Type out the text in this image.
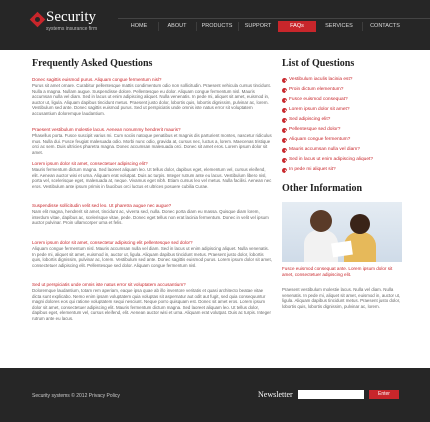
Security
systems insurance firm	HOME	ABOUT	PRODUCTS	SUPPORT	FAQs	SERVICES	CONTACTS
Frequently Asked Questions
Donec sagittis euismod purus. Aliquam congue fermentum nisl?
Purus sit amet ornare. Curabitur pellentesque mattis condimentum odio non sollicitudin. Praesent vehicula cursus tincidunt. Nulla a magna. Nullam augue. Suspendisse dolore. Pellentesque eu dolor. Aliquam congue fermentum nisl. Mauris accumsan nulla vel diam. Sed in lacus ut enim adipiscing aliquet. Nulla venenatis. In pede mi, aliquet sit amet, euismod in, auctor ut, ligula. Aliquam dapibus tincidunt metus. Praesent justo dolor, lobortis quis, lobortis dignissim, pulvinar ac, lorem. Vestibulum sed ante. Donec sagittis euismod purus. Sed ut perspiciatis unde omnis iste natus error sit voluptatem accusantium doloremque laudantium.
Praesent vestibulum molestie lacus. Aenean nonummy hendrerit mauris?
Phasellus porta. Fusce suscipit varius mi. Cum sociis natoque penatibus et magnis dis parturient montes, nascetur ridiculus mus. Nulla dui. Fusce feugiat malesuada odio. Morbi nunc odio, gravida at, cursus nec, luctus a, lorem. Maecenas tristique orci ac sem. Duis ultricies pharetra magna. Donec accumsan malesuada orci. Donec sit amet eros. Lorem ipsum dolor sit amet.
Lorem ipsum dolor sit amet, consectetuer adipiscing elit?
Mauris fermentum dictum magna. Sed laoreet aliquam leo. Ut tellus dolor, dapibus eget, elementum vel, cursus eleifend, elit. Aenean auctor wisi et urna. Aliquam erat volutpat. Duis ac turpis. Integer rutrum ante eu lacus. Vestibulum libero nisl, porta vel, scelerisque eget, malesuada at, neque. Vivamus eget nibh. Etiam cursus leo vel metus. Nulla facilisi. Aenean nec eros. Vestibulum ante ipsum primis in faucibus orci luctus et ultrices posuere cubilia Curae.
Suspendisse sollicitudin velit sed leo. Ut pharetra augue nec augue?
Nam elit magna, hendrerit sit amet, tincidunt ac, viverra sed, nulla. Donec porta diam eu massa. Quisque diam lorem, interdum vitae, dapibus ac, scelerisque vitae, pede. Donec eget tellus non erat lacinia fermentum. Donec in velit vel ipsum auctor pulvinar. Proin ullamcorper urna et felis.
Lorem ipsum dolor sit amet, consectetur adipiscing elit pellentesque sed dolor?
Aliquam congue fermentum nisl. Mauris accumsan nulla vel diam. Sed in lacus ut enim adipiscing aliquet. Nulla venenatis. In pede mi, aliquet sit amet, euismod in, auctor ut, ligula. Aliquam dapibus tincidunt metus. Praesent justo dolor, lobortis quis, lobortis dignissim, pulvinar ac, lorem. Vestibulum sed ante. Donec sagittis euismod purus. Lorem ipsum dolor sit amet, consectetuer adipiscing elit. Pellentesque sed dolor. Aliquam congue fermentum nisl.
Sed ut perspiciatis unde omnis iste natus error sit voluptatem accusantium?
Doloremque laudantium, totam rem aperiam, eaque ipsa quae ab illo inventore veritatis et quasi architecto beatae vitae dicta sunt explicabo. Nemo enim ipsam voluptatem quia voluptas sit aspernatur aut odit aut fugit, sed quia consequuntur magni dolores eos qui ratione voluptatem sequi nesciunt. Neque porro quisquam est. Donec sit amet eros. Lorem ipsum dolor sit amet, consectetuer adipiscing elit. Mauris fermentum dictum magna. Sed laoreet aliquam leo. Ut tellus dolor, dapibus eget, elementum vel, cursus eleifend, elit. Aenean auctor wisi et urna. Aliquam erat volutpat. Duis ac turpis. Integer rutrum ante eu lacus.
List of Questions
Vestibulum iaculis lacinia est?
Proin dictum elementum?
Fusce euismod consequat?
Lorem ipsum dolor sit amet?
Sed adipiscing elit?
Pellentesque sed dolor?
Aliquam congue fermentum?
Mauris accumsan nulla vel diam?
Sed in lacus ut enim adipiscing aliquet?
In pede mi aliquet sit?
Other Information
Fusce euismod consequat ante. Lorem ipsum dolor sit amet, consectetuer adipiscing elit.
Praesent vestibulum molestie lacus. Nulla vel diam. Nulla venenatis. In pede mi, aliquet sit amet, euismod in, auctor ut, ligula. Aliquam dapibus tincidunt metus. Praesent justo dolor, lobortis quis, lobortis dignissim, pulvinar ac, lorem.
Security systems © 2012 Privacy Policy	Newsletter	Enter
